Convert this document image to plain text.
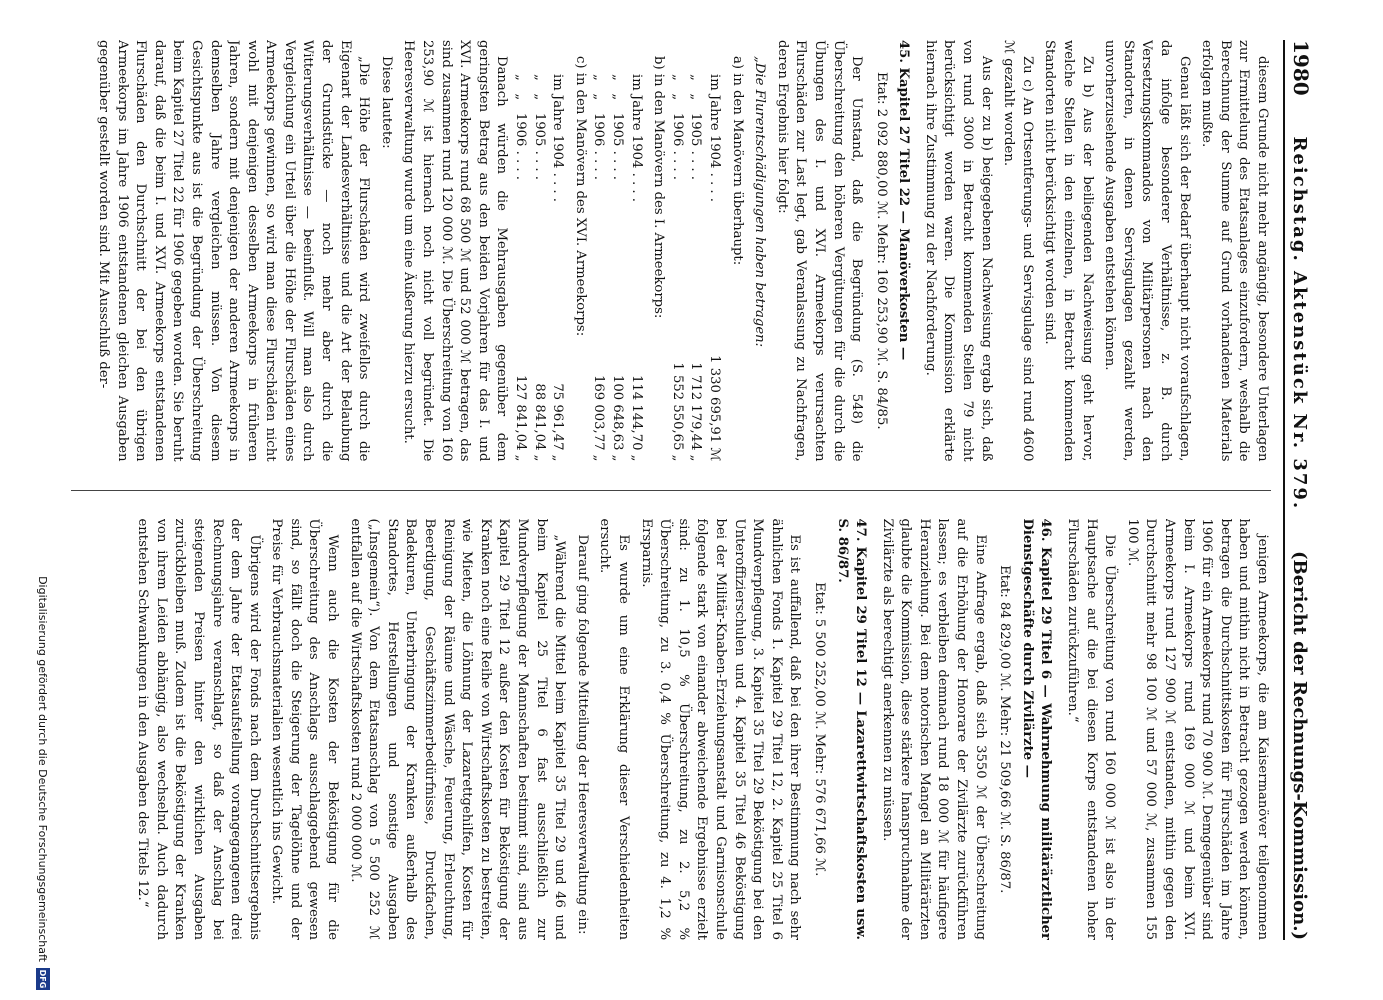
1980
Reichstag. Aktenstück Nr. 379.
(Bericht der Rechnungs-Kommission.)

diesem Grunde nicht mehr angängig, besondere Unterlagen zur Ermittelung des Etatsanlages einzufordern, weshalb die Berechnung der Summe auf Grund vorhandenen Materials erfolgen mußte.

Genau läßt sich der Bedarf überhaupt nicht voraufschlagen, da infolge besonderer Verhältnisse, z. B. durch Versetzungskommandos von Militärpersonen nach den Standorten, in denen Servisgulagen gezahlt werden, unvorherzusehende Ausgaben entstehen können.

Zu b) Aus der beiliegenden Nachweisung geht hervor, welche Stellen in den einzelnen, in Betracht kommenden Standorten nicht berücksichtigt worden sind.

Zu c) An Ortsentferungs- und Servisgulage sind rund 4600 ℳ gezahlt worden.

Aus der zu b) beigegebenen Nachweisung ergab sich, daß von rund 3000 in Betracht kommenden Stellen 79 nicht berücksichtigt worden waren. Die Kommission erklärte hiernach ihre Zustimmung zu der Nachforderung.

45. Kapitel 27 Titel 22 — Manöverkosten —

Etat: 2 092 880,00 ℳ. Mehr: 160 253,90 ℳ. S. 84/85.

Der Umstand, daß die Begründung (S. 548) die Überschreitung den höheren Vergütungen für die durch die Übungen des I. und XVI. Armeekorps verursachten Flurschäden zur Last legt, gab Veranlassung zu Nachfragen, deren Ergebnis hier folgt:

„Die Flurentschädigungen haben betragen:

a) in den Manövern überhaupt:

im Jahre 1904 . . . .
1 330 695,91 ℳ
„   „   1905 . . . .
1 712 179,44 „
„   „   1906 . . . .
1 552 550,65 „

b) in den Manövern des I. Armeekorps:

im Jahre 1904 . . . .
114 144,70 „
„   „   1905 . . . .
100 648,63 „
„   „   1906 . . . .
169 003,77 „

c) in den Manövern des XVI. Armeekorps:

im Jahre 1904 . . . .
75 961,47 „
„   „   1905 . . . .
88 841,04 „
„   „   1906 . . . .
127 841,04 „

Danach würden die Mehrausgaben gegenüber dem geringsten Betrag aus den beiden Vorjahren für das I. und XVI. Armeekorps rund 68 500 ℳ und 52 000 ℳ betragen, das sind zusammen rund 120 000 ℳ. Die Überschreitung von 160 253,90 ℳ ist hiernach noch nicht voll begründet. Die Heeresverwaltung wurde um eine Äußerung hierzu ersucht.

Diese lautete:

„Die Höhe der Flurschäden wird zweifellos durch die Eigenart der Landesverhältnisse und die Art der Belaubung der Grundstücke — noch mehr aber durch die Witterungsverhältnisse — beeinflußt. Will man also durch Vergleichung ein Urteil über die Höhe der Flurschäden eines Armeekorps gewinnen, so wird man diese Flurschäden nicht wohl mit denjenigen desselben Armeekorps in früheren Jahren, sondern mit denjenigen der anderen Armeekorps in demselben Jahre vergleichen müssen. Von diesem Gesichtspunkte aus ist die Begründung der Überschreitung beim Kapitel 27 Titel 22 für 1906 gegeben worden. Sie beruht darauf, daß die beim I. und XVI. Armeekorps entstandenen Flurschäden den Durchschnitt der bei den übrigen Armeekorps im Jahre 1906 entstandenen gleichen Ausgaben gegenüber gestellt worden sind. Mit Ausschluß der-

jenigen Armeekorps, die am Kaisermanöver teilgenommen haben und mithin nicht in Betracht gezogen werden können, betragen die Durchschnittskosten für Flurschäden im Jahre 1906 für ein Armeekorps rund 70 900 ℳ. Demgegenüber sind beim I. Armeekorps rund 169 000 ℳ und beim XVI. Armeekorps rund 127 900 ℳ entstanden, mithin gegen den Durchschnitt mehr 98 100 ℳ und 57 000 ℳ, zusammen 155 100 ℳ.

Die Überschreitung von rund 160 000 ℳ ist also in der Hauptsache auf die bei diesen Korps entstandenen hoher Flurschäden zurückzuführen.“

46. Kapitel 29 Titel 6 — Wahrnehmung militärärztlicher Dienstgeschäfte durch Zivilärzte —

Etat: 84 829,00 ℳ. Mehr: 21 509,66 ℳ. S. 86/87.

Eine Anfrage ergab, daß sich 3550 ℳ der Überschreitung auf die Erhöhung der Honorare der Zivilärzte zurückführen lassen; es verbleiben demnach rund 18 000 ℳ für häufigere Heranziehung. Bei dem notorischen Mangel an Militärärzten glaubte die Kommission, diese stärkere Inanspruchnahme der Zivilärzte als berechtigt anerkennen zu müssen.

47. Kapitel 29 Titel 12 — Lazarettwirtschaftskosten usw. S. 86/87.

Etat: 5 500 252,00 ℳ. Mehr: 576 671,66 ℳ.

Es ist auffallend, daß bei den ihrer Bestimmung nach sehr ähnlichen Fonds 1. Kapitel 29 Titel 12, 2. Kapitel 25 Titel 6 Mundverpflegung, 3. Kapitel 35 Titel 29 Beköstigung bei den Unteroffizierschulen und 4. Kapitel 35 Titel 46 Beköstigung bei der Militär-Knaben-Erziehungsanstalt und Garnisonschule folgende stark von einander abweichende Ergebnisse erzielt sind: zu 1. 10,5 % Überschreitung, zu 2. 5,2 % Überschreitung, zu 3. 0,4 % Überschreitung, zu 4. 1,2 % Ersparnis.

Es wurde um eine Erklärung dieser Verschiedenheiten ersucht.

Darauf ging folgende Mitteilung der Heeresverwaltung ein:

„Während die Mittel beim Kapitel 35 Titel 29 und 46 und beim Kapitel 25 Titel 6 fast ausschließlich zur Mundverpflegung der Mannschaften bestimmt sind, sind aus Kapitel 29 Titel 12 außer den Kosten für Beköstigung der Kranken noch eine Reihe von Wirtschaftskosten zu bestreiten, wie Mieten, die Löhnung der Lazarettgehilfen, Kosten für Reinigung der Räume und Wäsche, Feuerung, Erleuchtung, Beerdigung, Geschäftszimmerbedürfnisse, Druckfachen, Badekuren, Unterbringung der Kranken außerhalb des Standortes, Herstellungen und sonstige Ausgaben („Insgemein“). Von dem Etatsanschlag von 5 500 252 ℳ entfallen auf die Wirtschaftskosten rund 2 000 000 ℳ.

Wenn auch die Kosten der Beköstigung für die Überschreitung des Anschlags ausschlaggebend gewesen sind, so fällt doch die Steigerung der Tagelöhne und der Preise für Verbrauchsmaterialien wesentlich ins Gewicht.

Übrigens wird der Fonds nach dem Durchschnittsergebnis der dem Jahre der Etatsaufstellung vorangegangenen drei Rechnungsjahre veranschlagt, so daß der Anschlag bei steigenden Preisen hinter den wirklichen Ausgaben zurückbleiben muß. Zudem ist die Beköstigung der Kranken von ihrem Leiden abhängig, also wechselnd. Auch dadurch entstehen Schwankungen in den Ausgaben des Titels 12.“

Digitalisierung gefördert durch die Deutsche Forschungsgemeinschaft
DFG
